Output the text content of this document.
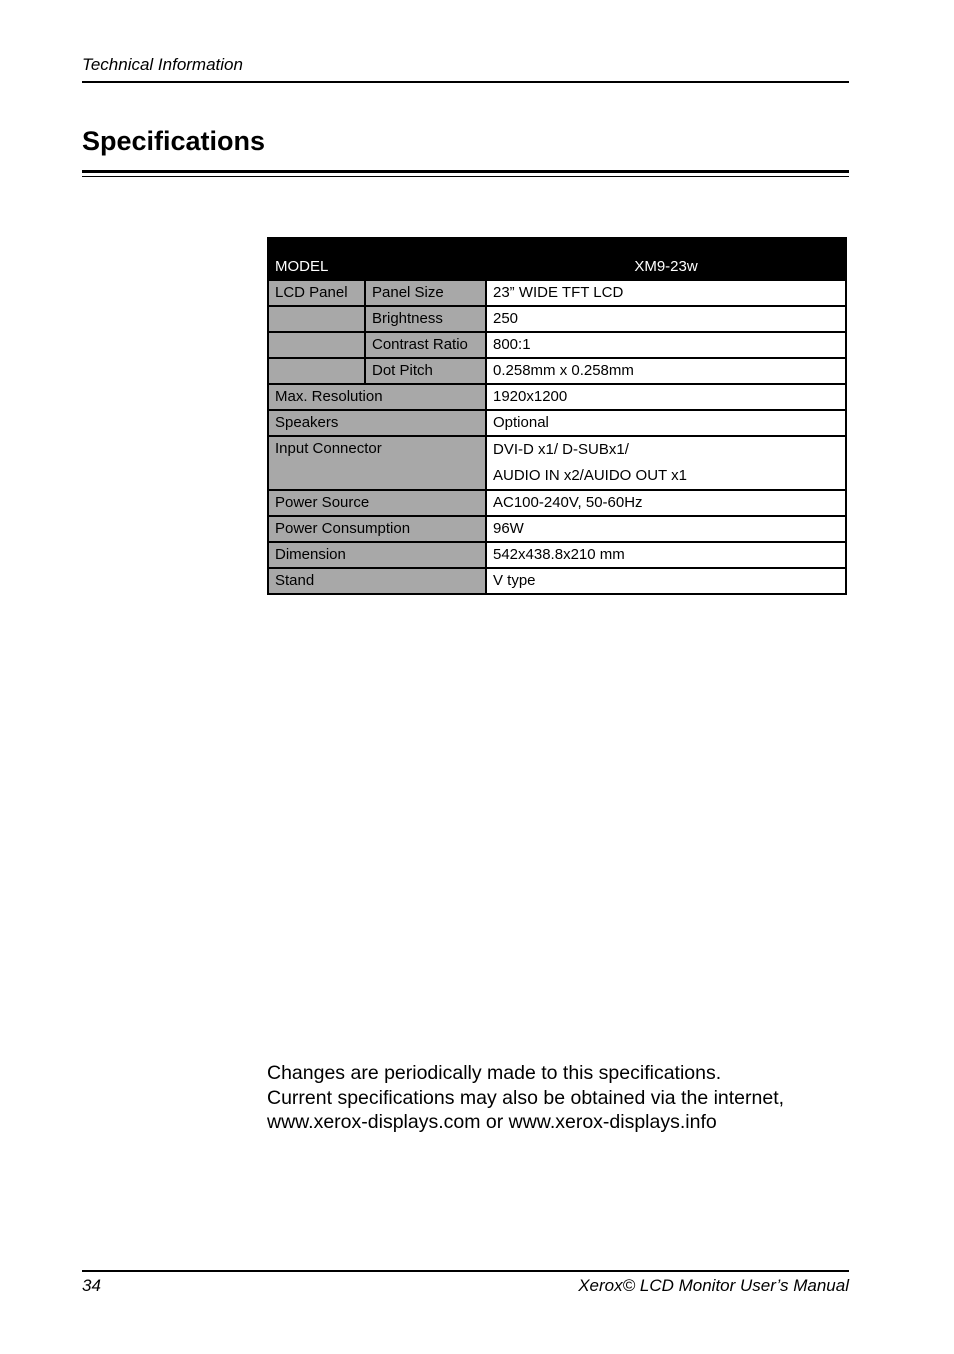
Technical Information
Specifications
MODEL		XM9-23w
LCD Panel	Panel Size	23” WIDE TFT LCD
	Brightness	250
	Contrast Ratio	800:1
	Dot Pitch	0.258mm x 0.258mm
Max. Resolution		1920x1200
Speakers		Optional
Input Connector		DVI-D x1/ D-SUBx1/
AUDIO IN x2/AUIDO OUT x1

Power Source		AC100-240V, 50-60Hz
Power Consumption		96W
Dimension		542x438.8x210 mm
Stand		V type
Changes are periodically made to this specifications.
Current specifications may also be obtained via the internet,
www.xerox-displays.com or www.xerox-displays.info
34	Xerox© LCD Monitor User’s Manual
